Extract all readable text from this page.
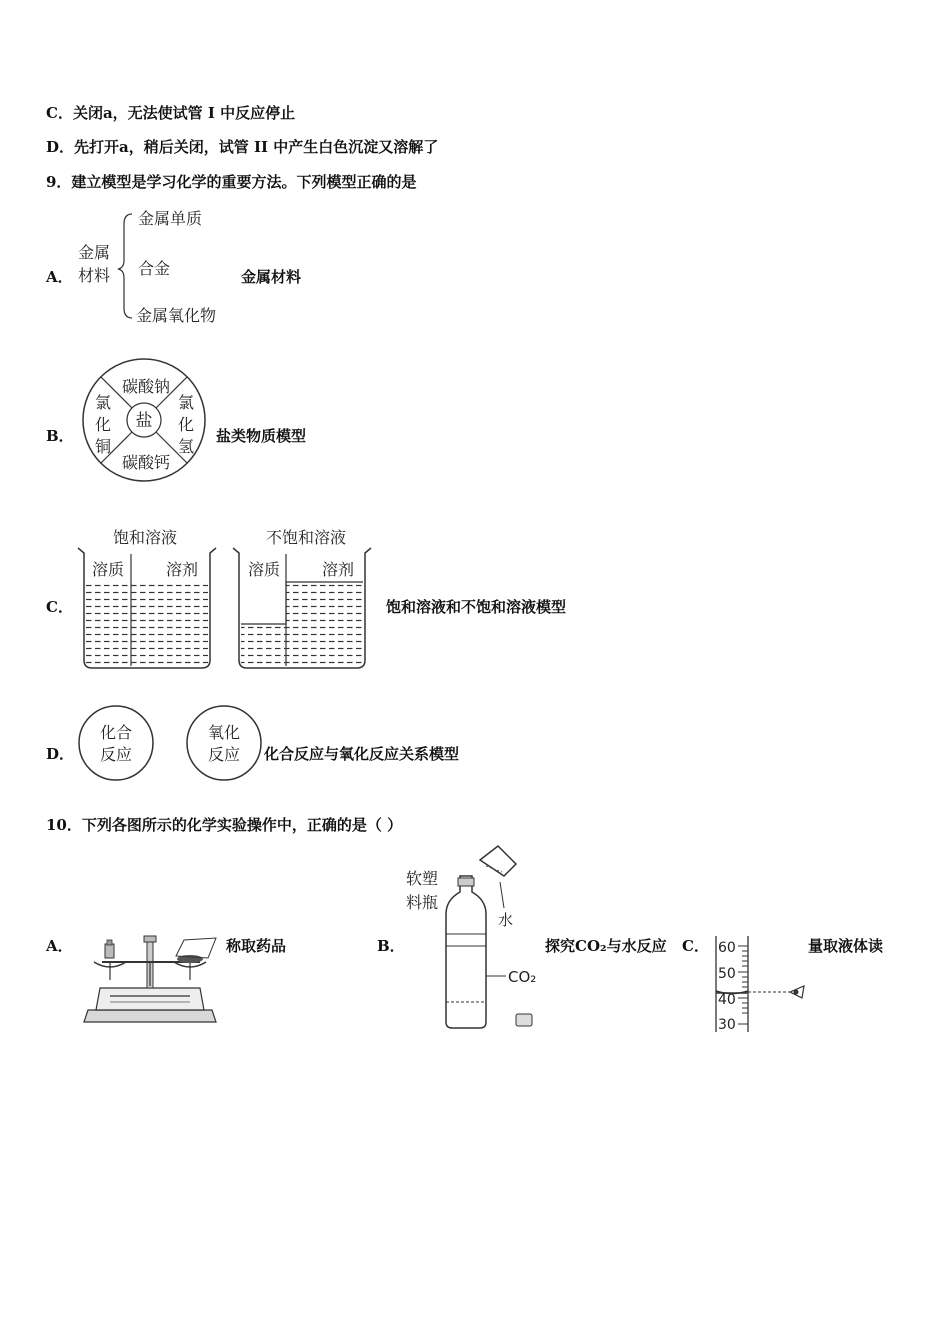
C．关闭a，无法使试管 I 中反应停止
D．先打开a，稍后关闭，试管 II 中产生白色沉淀又溶解了
9．建立模型是学习化学的重要方法。下列模型正确的是
A．
金属
材料
金属单质
合金
金属氧化物
金属材料
B．
盐
碳酸钠
碳酸钙
氯
化
铜
氯
化
氢
盐类物质模型
C．
饱和溶液
溶质	溶剂
不饱和溶液
溶质	溶剂
饱和溶液和不饱和溶液模型
D．
化合
反应
氧化
反应 化合反应与氧化反应关系模型
10．下列各图所示的化学实验操作中，正确的是（ ）
A．	称取药品	B．
软塑
料瓶
水
CO₂
探究CO₂与水反应 C． 60
50
40
30
量取液体读
